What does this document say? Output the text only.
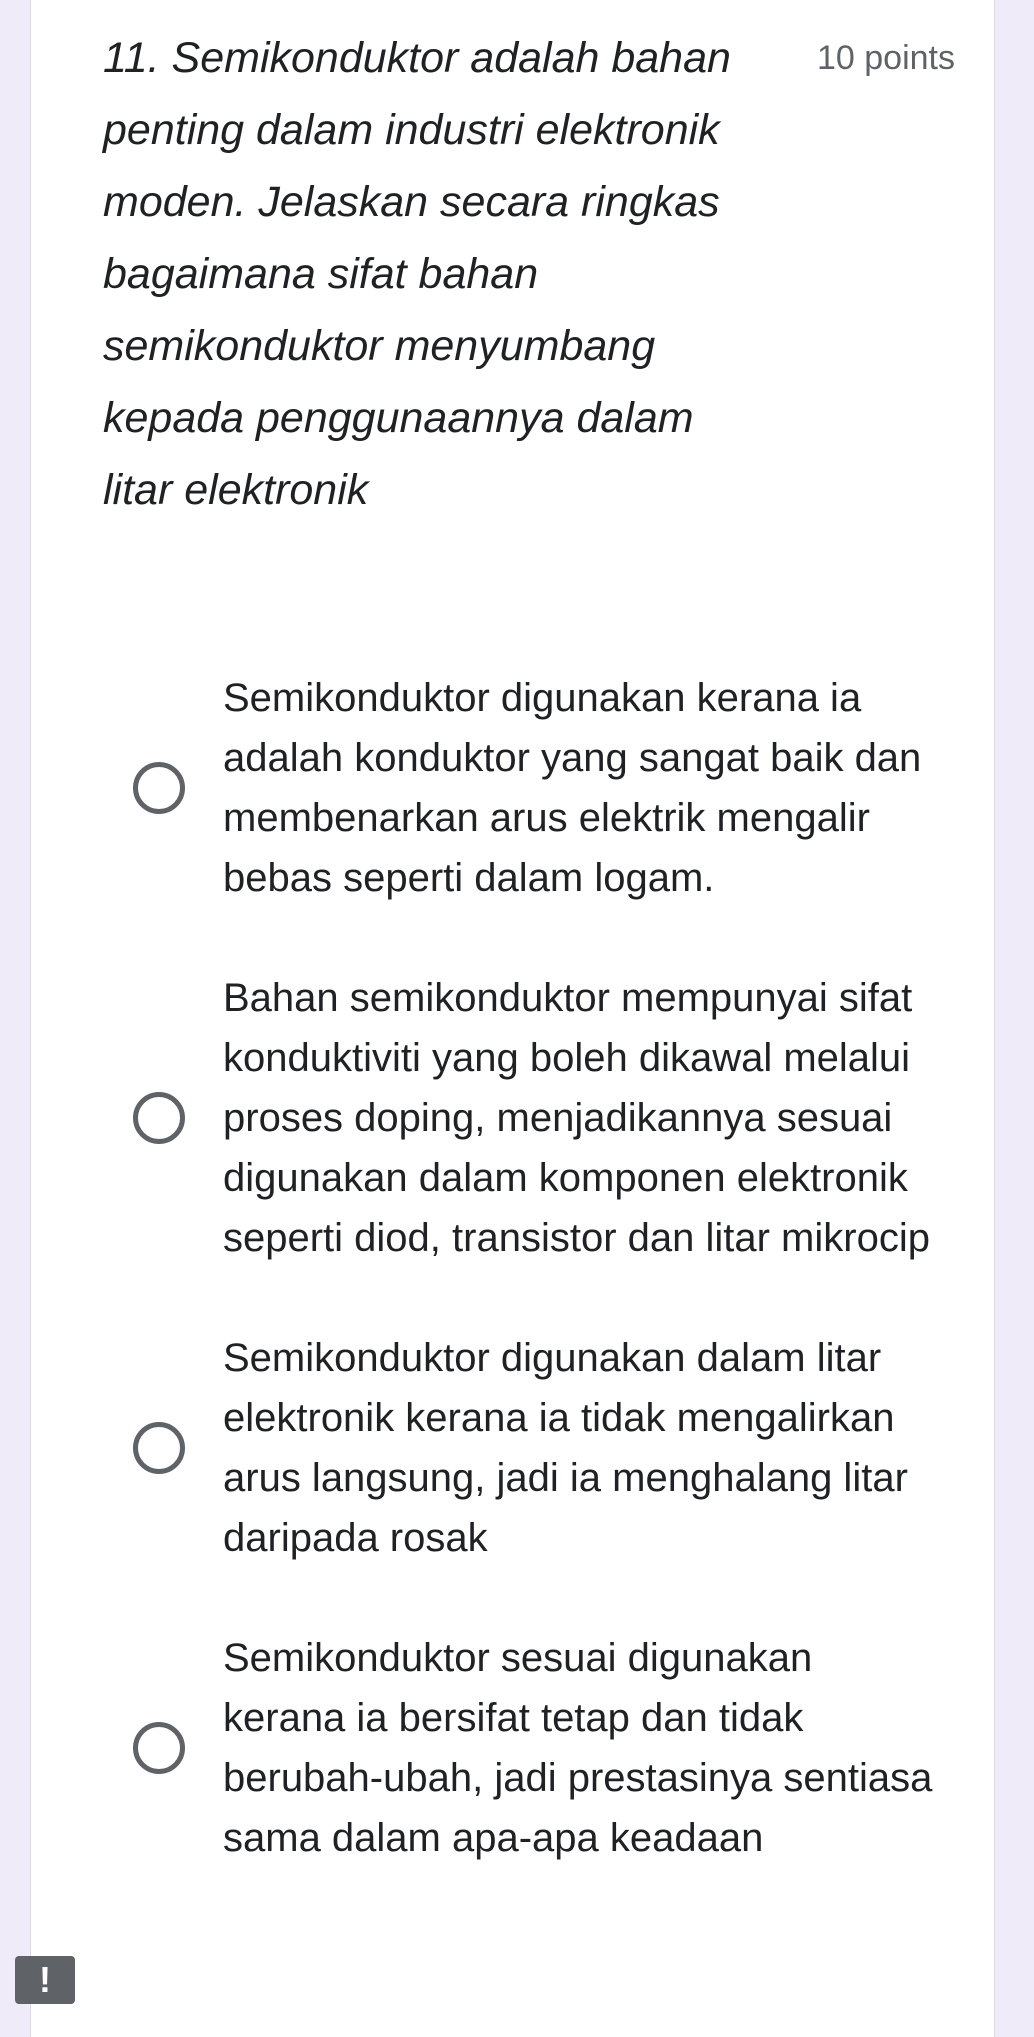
11. Semikonduktor adalah bahan penting dalam industri elektronik moden. Jelaskan secara ringkas bagaimana sifat bahan semikonduktor menyumbang kepada penggunaannya dalam litar elektronik

10 points
Semikonduktor digunakan kerana ia adalah konduktor yang sangat baik dan membenarkan arus elektrik mengalir bebas seperti dalam logam.
Bahan semikonduktor mempunyai sifat konduktiviti yang boleh dikawal melalui proses doping, menjadikannya sesuai digunakan dalam komponen elektronik seperti diod, transistor dan litar mikrocip
Semikonduktor digunakan dalam litar elektronik kerana ia tidak mengalirkan arus langsung, jadi ia menghalang litar daripada rosak
Semikonduktor sesuai digunakan kerana ia bersifat tetap dan tidak berubah-ubah, jadi prestasinya sentiasa sama dalam apa-apa keadaan
!
